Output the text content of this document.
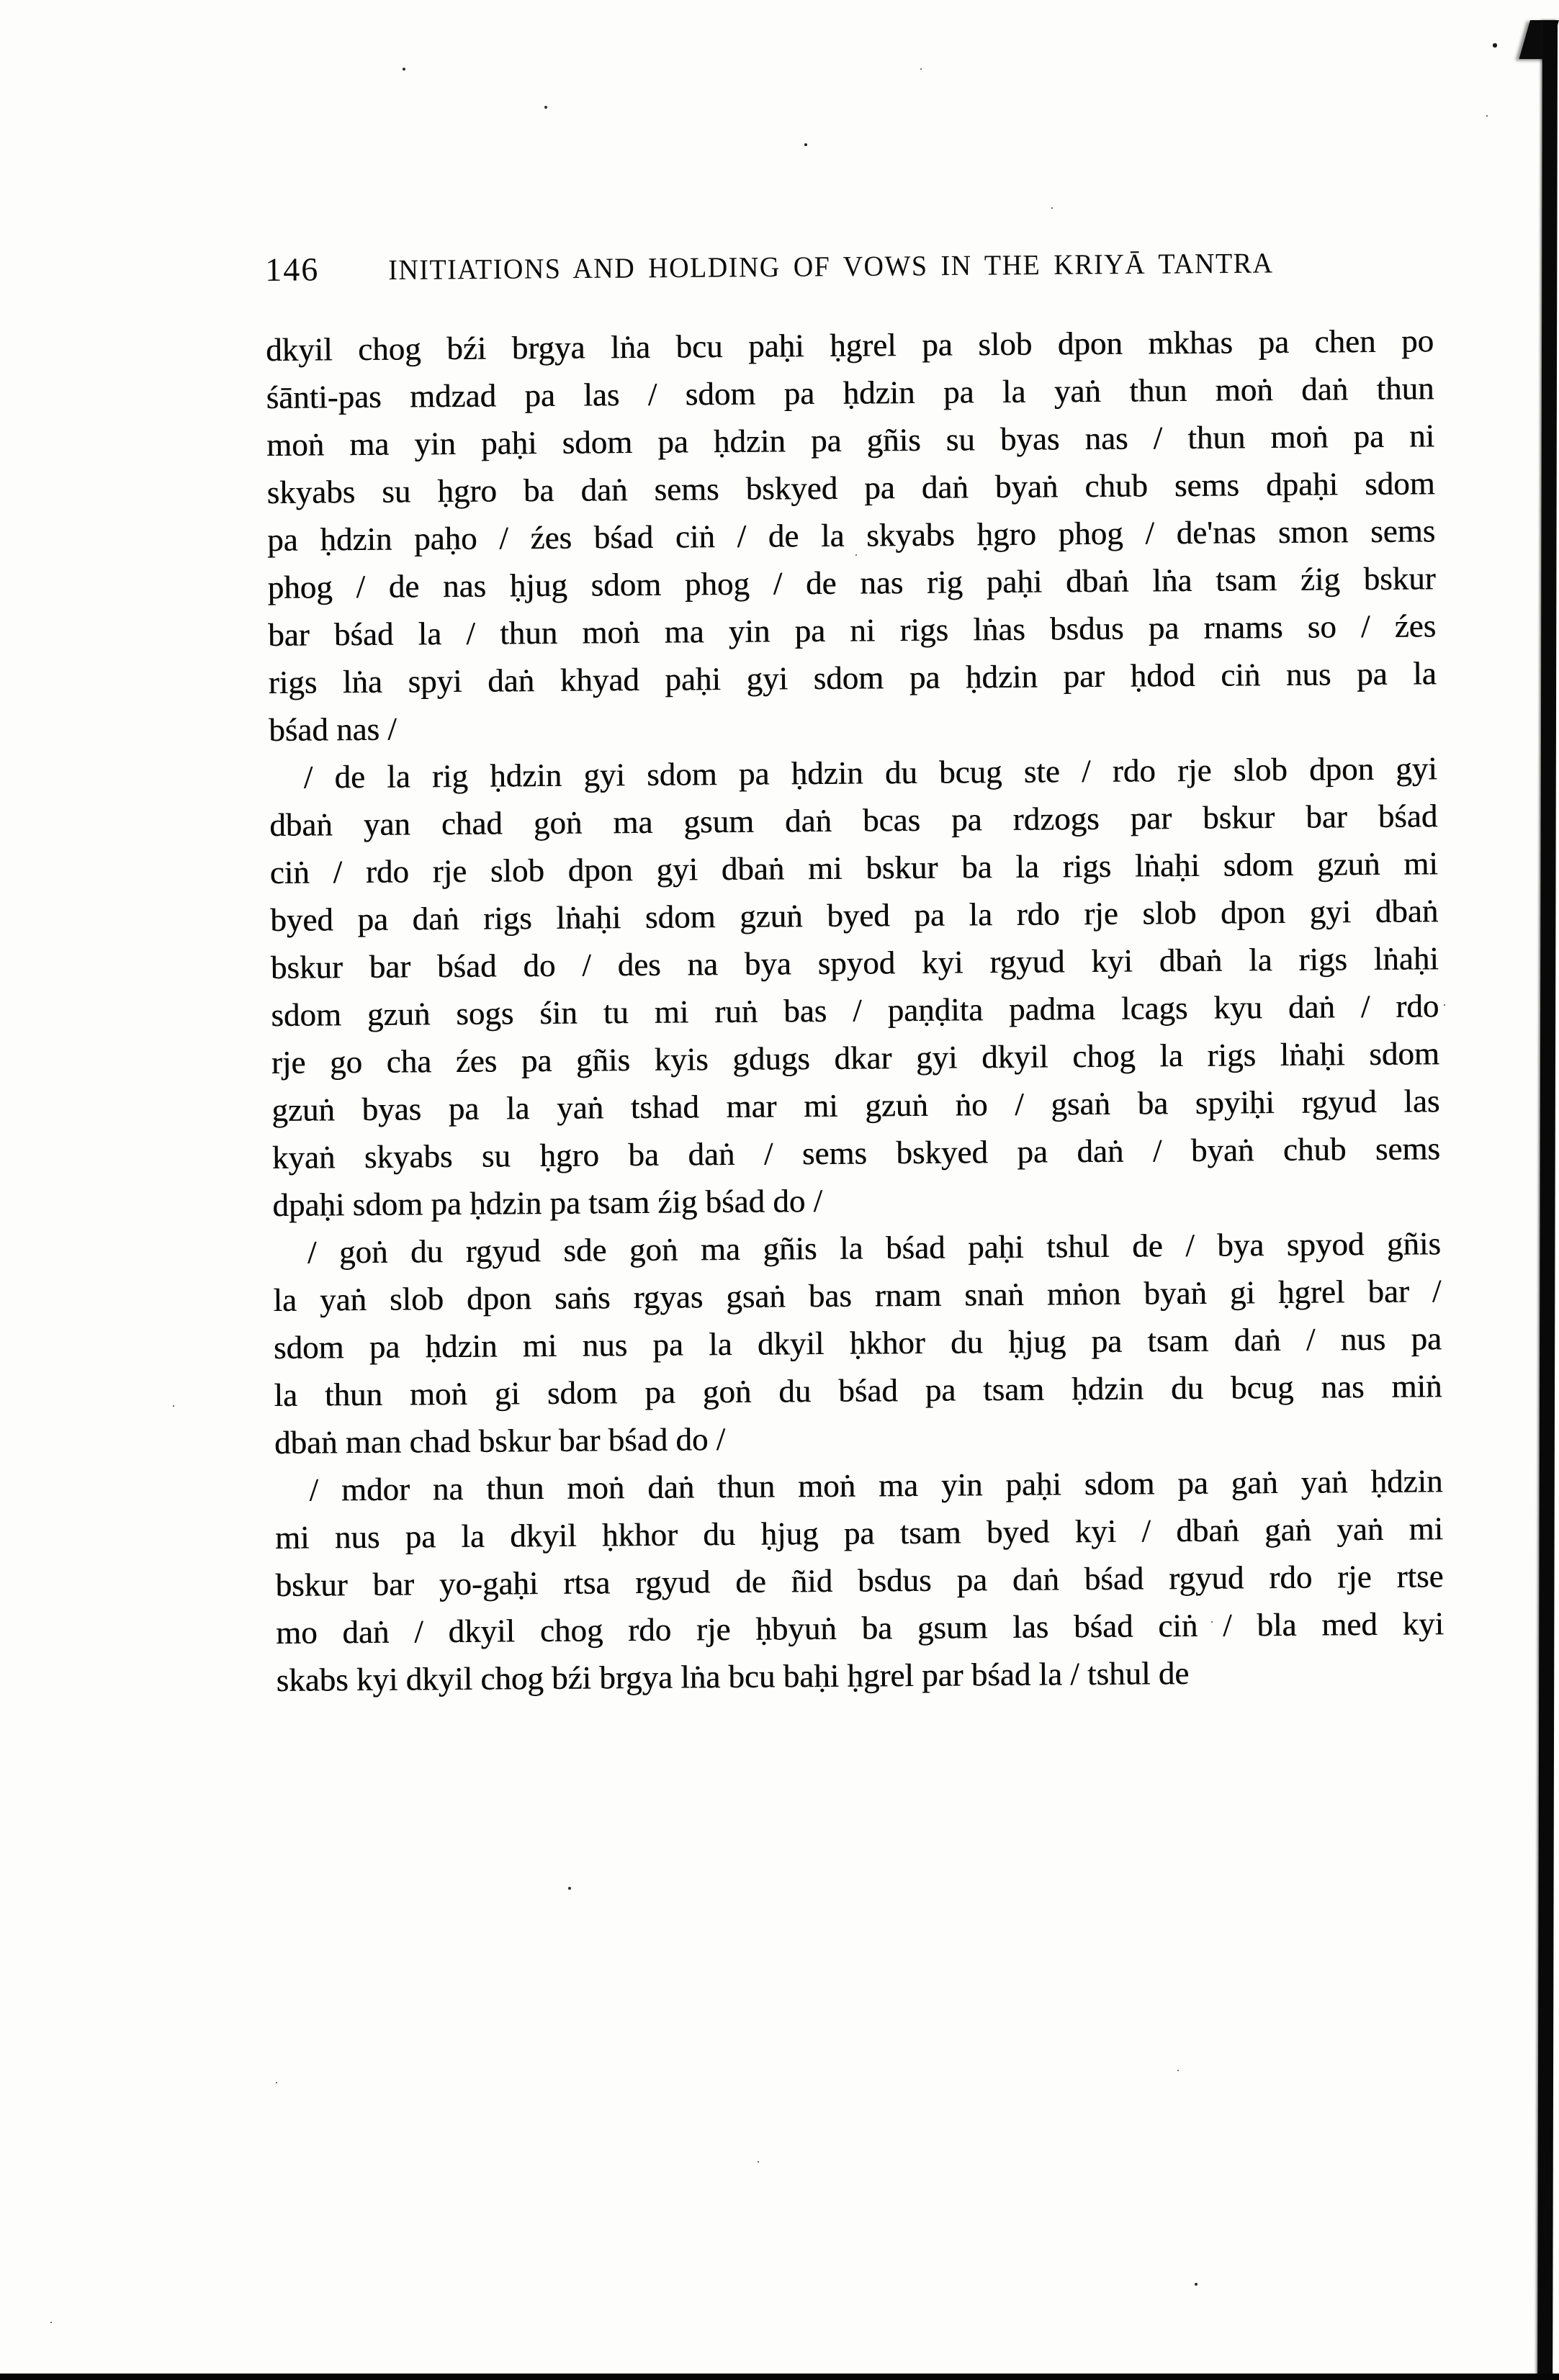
146	INITIATIONS AND HOLDING OF VOWS IN THE KRIYĀ TANTRA
dkyil chog bźi brgya lṅa bcu paḥi ḥgrel pa slob dpon mkhas pa chen po
śānti-pas mdzad pa las / sdom pa ḥdzin pa la yaṅ thun moṅ daṅ thun
moṅ ma yin paḥi sdom pa ḥdzin pa gñis su byas nas / thun moṅ pa ni
skyabs su ḥgro ba daṅ sems bskyed pa daṅ byaṅ chub sems dpaḥi sdom
pa ḥdzin paḥo / źes bśad ciṅ / de la skyabs ḥgro phog / de'nas smon sems
phog / de nas ḥjug sdom phog / de nas rig paḥi dbaṅ lṅa tsam źig bskur
bar bśad la / thun moṅ ma yin pa ni rigs lṅas bsdus pa rnams so / źes
rigs lṅa spyi daṅ khyad paḥi gyi sdom pa ḥdzin par ḥdod ciṅ nus pa la
bśad nas /
/ de la rig ḥdzin gyi sdom pa ḥdzin du bcug ste / rdo rje slob dpon gyi
dbaṅ yan chad goṅ ma gsum daṅ bcas pa rdzogs par bskur bar bśad
ciṅ / rdo rje slob dpon gyi dbaṅ mi bskur ba la rigs lṅaḥi sdom gzuṅ mi
byed pa daṅ rigs lṅaḥi sdom gzuṅ byed pa la rdo rje slob dpon gyi dbaṅ
bskur bar bśad do / des na bya spyod kyi rgyud kyi dbaṅ la rigs lṅaḥi
sdom gzuṅ sogs śin tu mi ruṅ bas / paṇḍita padma lcags kyu daṅ / rdo
rje go cha źes pa gñis kyis gdugs dkar gyi dkyil chog la rigs lṅaḥi sdom
gzuṅ byas pa la yaṅ tshad mar mi gzuṅ ṅo / gsaṅ ba spyiḥi rgyud las
kyaṅ skyabs su ḥgro ba daṅ / sems bskyed pa daṅ / byaṅ chub sems
dpaḥi sdom pa ḥdzin pa tsam źig bśad do /
/ goṅ du rgyud sde goṅ ma gñis la bśad paḥi tshul de / bya spyod gñis
la yaṅ slob dpon saṅs rgyas gsaṅ bas rnam snaṅ mṅon byaṅ gi ḥgrel bar /
sdom pa ḥdzin mi nus pa la dkyil ḥkhor du ḥjug pa tsam daṅ / nus pa
la thun moṅ gi sdom pa goṅ du bśad pa tsam ḥdzin du bcug nas miṅ
dbaṅ man chad bskur bar bśad do /
/ mdor na thun moṅ daṅ thun moṅ ma yin paḥi sdom pa gaṅ yaṅ ḥdzin
mi nus pa la dkyil ḥkhor du ḥjug pa tsam byed kyi / dbaṅ gaṅ yaṅ mi
bskur bar yo-gaḥi rtsa rgyud de ñid bsdus pa daṅ bśad rgyud rdo rje rtse
mo daṅ / dkyil chog rdo rje ḥbyuṅ ba gsum las bśad ciṅ / bla med kyi
skabs kyi dkyil chog bźi brgya lṅa bcu baḥi ḥgrel par bśad la / tshul de
